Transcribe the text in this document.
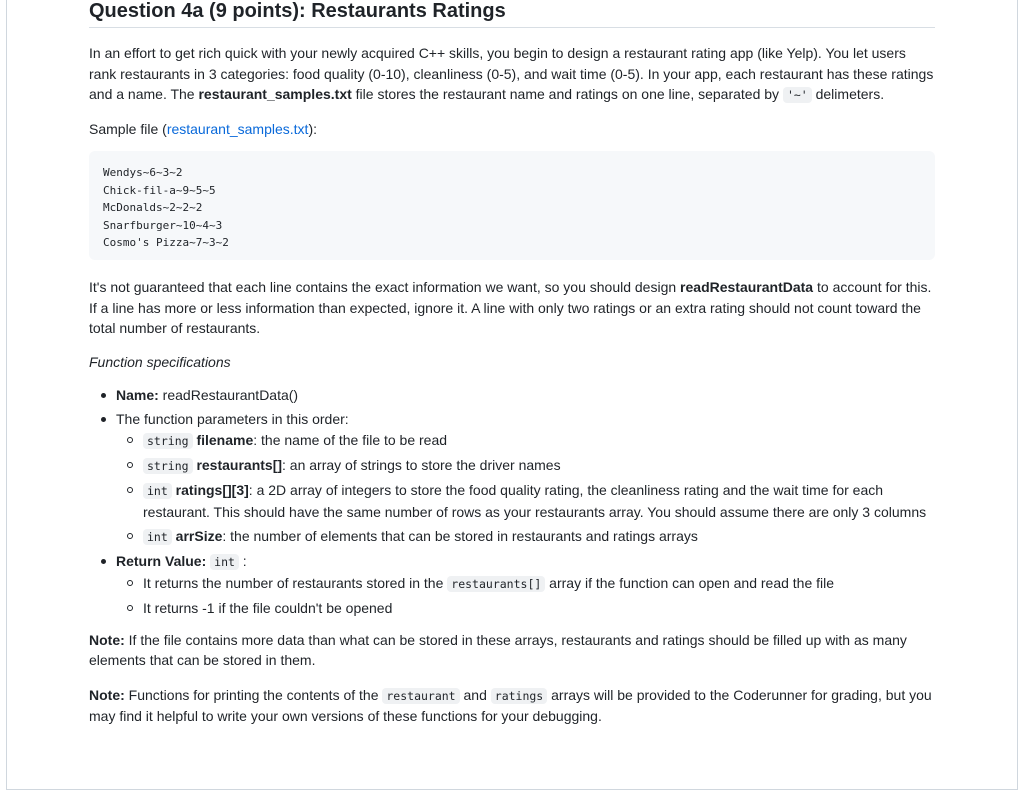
Question 4a (9 points): Restaurants Ratings

In an effort to get rich quick with your newly acquired C++ skills, you begin to design a restaurant rating app (like Yelp). You let users rank restaurants in 3 categories: food quality (0-10), cleanliness (0-5), and wait time (0-5). In your app, each restaurant has these ratings and a name. The restaurant_samples.txt file stores the restaurant name and ratings on one line, separated by '~' delimeters.

Sample file (restaurant_samples.txt):

Wendys~6~3~2
Chick-fil-a~9~5~5
McDonalds~2~2~2
Snarfburger~10~4~3
Cosmo's Pizza~7~3~2

It's not guaranteed that each line contains the exact information we want, so you should design readRestaurantData to account for this. If a line has more or less information than expected, ignore it. A line with only two ratings or an extra rating should not count toward the total number of restaurants.

Function specifications

Name: readRestaurantData()
The function parameters in this order:
string filename: the name of the file to be read
string restaurants[]: an array of strings to store the driver names
int ratings[][3]: a 2D array of integers to store the food quality rating, the cleanliness rating and the wait time for each restaurant. This should have the same number of rows as your restaurants array. You should assume there are only 3 columns
int arrSize: the number of elements that can be stored in restaurants and ratings arrays
Return Value: int :
It returns the number of restaurants stored in the restaurants[] array if the function can open and read the file
It returns -1 if the file couldn't be opened

Note: If the file contains more data than what can be stored in these arrays, restaurants and ratings should be filled up with as many elements that can be stored in them.

Note: Functions for printing the contents of the restaurant and ratings arrays will be provided to the Coderunner for grading, but you may find it helpful to write your own versions of these functions for your debugging.
